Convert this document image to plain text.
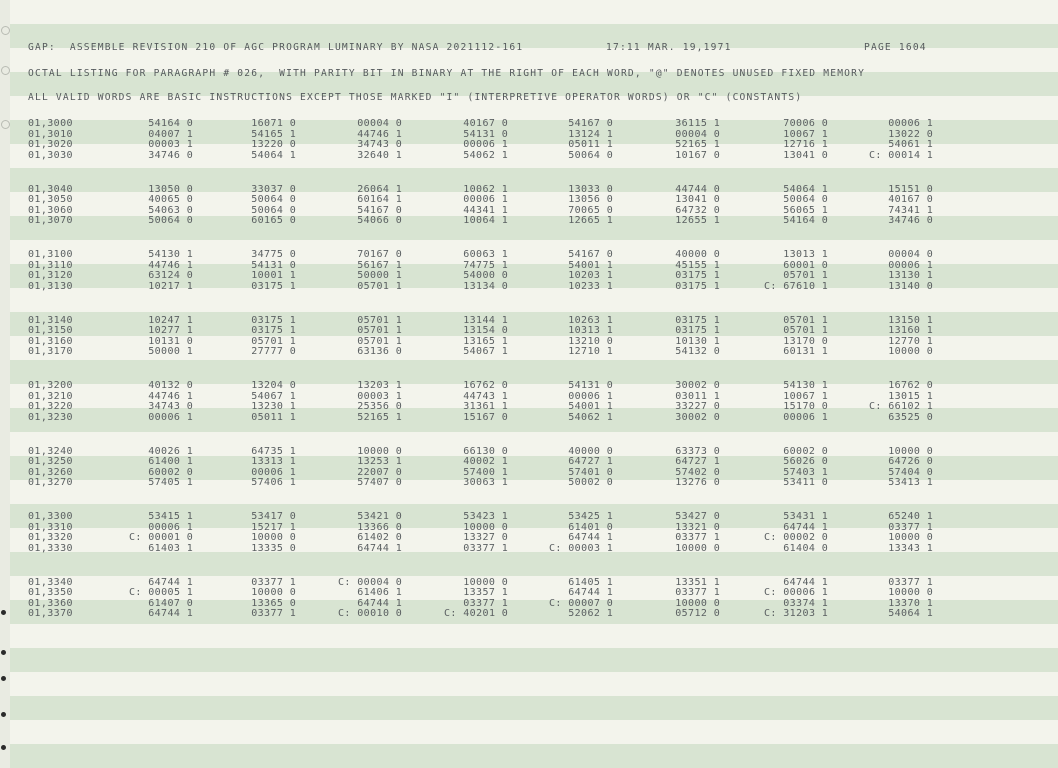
GAP:  ASSEMBLE REVISION 210 OF AGC PROGRAM LUMINARY BY NASA 2021112-161	17:11 MAR. 19,1971	PAGE 1604
OCTAL LISTING FOR PARAGRAPH # 026,  WITH PARITY BIT IN BINARY AT THE RIGHT OF EACH WORD, "@" DENOTES UNUSED FIXED MEMORY
ALL VALID WORDS ARE BASIC INSTRUCTIONS EXCEPT THOSE MARKED "I" (INTERPRETIVE OPERATOR WORDS) OR "C" (CONSTANTS)
01,3000	54164 0	16071 0	00004 0	40167 0	54167 0	36115 1	70006 0	00006 1
01,3010	04007 1	54165 1	44746 1	54131 0	13124 1	00004 0	10067 1	13022 0
01,3020	00003 1	13220 0	34743 0	00006 1	05011 1	52165 1	12716 1	54061 1
01,3030	34746 0	54064 1	32640 1	54062 1	50064 0	10167 0	13041 0	C: 00014 1
01,3040	13050 0	33037 0	26064 1	10062 1	13033 0	44744 0	54064 1	15151 0
01,3050	40065 0	50064 0	60164 1	00006 1	13056 0	13041 0	50064 0	40167 0
01,3060	54063 0	50064 0	54167 0	44341 1	70065 0	64732 0	56065 1	74341 1
01,3070	50064 0	60165 0	54066 0	10064 1	12665 1	12655 1	54164 0	34746 0
01,3100	54130 1	34775 0	70167 0	60063 1	54167 0	40000 0	13013 1	00004 0
01,3110	44746 1	54131 0	56167 1	74775 1	54001 1	45155 1	60001 0	00006 1
01,3120	63124 0	10001 1	50000 1	54000 0	10203 1	03175 1	05701 1	13130 1
01,3130	10217 1	03175 1	05701 1	13134 0	10233 1	03175 1	C: 67610 1	13140 0
01,3140	10247 1	03175 1	05701 1	13144 1	10263 1	03175 1	05701 1	13150 1
01,3150	10277 1	03175 1	05701 1	13154 0	10313 1	03175 1	05701 1	13160 1
01,3160	10131 0	05701 1	05701 1	13165 1	13210 0	10130 1	13170 0	12770 1
01,3170	50000 1	27777 0	63136 0	54067 1	12710 1	54132 0	60131 1	10000 0
01,3200	40132 0	13204 0	13203 1	16762 0	54131 0	30002 0	54130 1	16762 0
01,3210	44746 1	54067 1	00003 1	44743 1	00006 1	03011 1	10067 1	13015 1
01,3220	34743 0	13230 1	25356 0	31361 1	54001 1	33227 0	15170 0	C: 66102 1
01,3230	00006 1	05011 1	52165 1	15167 0	54062 1	30002 0	00006 1	63525 0
01,3240	40026 1	64735 1	10000 0	66130 0	40000 0	63373 0	60002 0	10000 0
01,3250	61400 1	13313 1	13253 1	40002 1	64727 1	64727 1	56026 0	64726 0
01,3260	60002 0	00006 1	22007 0	57400 1	57401 0	57402 0	57403 1	57404 0
01,3270	57405 1	57406 1	57407 0	30063 1	50002 0	13276 0	53411 0	53413 1
01,3300	53415 1	53417 0	53421 0	53423 1	53425 1	53427 0	53431 1	65240 1
01,3310	00006 1	15217 1	13366 0	10000 0	61401 0	13321 0	64744 1	03377 1
01,3320	C: 00001 0	10000 0	61402 0	13327 0	64744 1	03377 1	C: 00002 0	10000 0
01,3330	61403 1	13335 0	64744 1	03377 1	C: 00003 1	10000 0	61404 0	13343 1
01,3340	64744 1	03377 1	C: 00004 0	10000 0	61405 1	13351 1	64744 1	03377 1
01,3350	C: 00005 1	10000 0	61406 1	13357 1	64744 1	03377 1	C: 00006 1	10000 0
01,3360	61407 0	13365 0	64744 1	03377 1	C: 00007 0	10000 0	03374 1	13370 1
01,3370	64744 1	03377 1	C: 00010 0	C: 40201 0	52062 1	05712 0	C: 31203 1	54064 1
